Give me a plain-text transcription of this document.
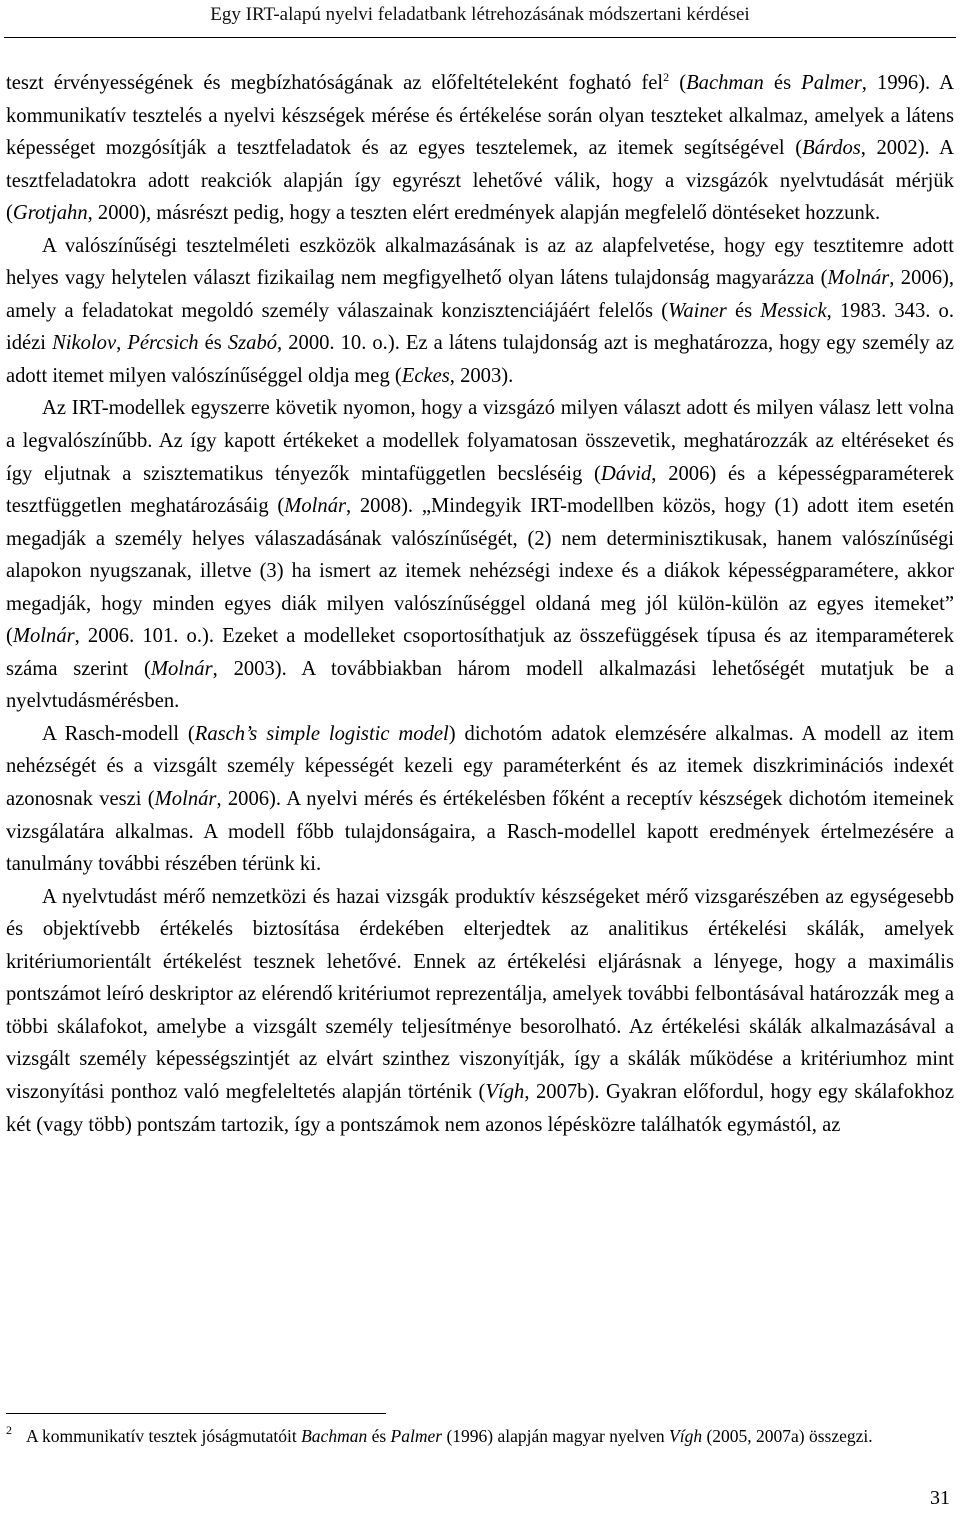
Egy IRT-alapú nyelvi feladatbank létrehozásának módszertani kérdései

teszt érvényességének és megbízhatóságának az előfeltételeként fogható fel$^2$ (Bachman és Palmer, 1996). A kommunikatív tesztelés a nyelvi készségek mérése és értékelése során olyan teszteket alkalmaz, amelyek a látens képességet mozgósítják a tesztfeladatok és az egyes tesztelemek, az itemek segítségével (Bárdos, 2002). A tesztfeladatokra adott reakciók alapján így egyrészt lehetővé válik, hogy a vizsgázók nyelvtudását mérjük (Grotjahn, 2000), másrészt pedig, hogy a teszten elért eredmények alapján megfelelő döntéseket hozzunk.

A valószínűségi tesztelméleti eszközök alkalmazásának is az az alapfelvetése, hogy egy tesztitemre adott helyes vagy helytelen választ fizikailag nem megfigyelhető olyan látens tulajdonság magyarázza (Molnár, 2006), amely a feladatokat megoldó személy válaszainak konzisztenciájáért felelős (Wainer és Messick, 1983. 343. o. idézi Nikolov, Pércsich és Szabó, 2000. 10. o.). Ez a látens tulajdonság azt is meghatározza, hogy egy személy az adott itemet milyen valószínűséggel oldja meg (Eckes, 2003).

Az IRT-modellek egyszerre követik nyomon, hogy a vizsgázó milyen választ adott és milyen válasz lett volna a legvalószínűbb. Az így kapott értékeket a modellek folyamatosan összevetik, meghatározzák az eltéréseket és így eljutnak a szisztematikus tényezők mintafüggetlen becsléséig (Dávid, 2006) és a képességparaméterek tesztfüggetlen meghatározásáig (Molnár, 2008). „Mindegyik IRT-modellben közös, hogy (1) adott item esetén megadják a személy helyes válaszadásának valószínűségét, (2) nem determinisztikusak, hanem valószínűségi alapokon nyugszanak, illetve (3) ha ismert az itemek nehézségi indexe és a diákok képességparamétere, akkor megadják, hogy minden egyes diák milyen valószínűséggel oldaná meg jól külön-külön az egyes itemeket” (Molnár, 2006. 101. o.). Ezeket a modelleket csoportosíthatjuk az összefüggések típusa és az itemparaméterek száma szerint (Molnár, 2003). A továbbiakban három modell alkalmazási lehetőségét mutatjuk be a nyelvtudásmérésben.

A Rasch-modell (Rasch’s simple logistic model) dichotóm adatok elemzésére alkalmas. A modell az item nehézségét és a vizsgált személy képességét kezeli egy paraméterként és az itemek diszkriminációs indexét azonosnak veszi (Molnár, 2006). A nyelvi mérés és értékelésben főként a receptív készségek dichotóm itemeinek vizsgálatára alkalmas. A modell főbb tulajdonságaira, a Rasch-modellel kapott eredmények értelmezésére a tanulmány további részében térünk ki.

A nyelvtudást mérő nemzetközi és hazai vizsgák produktív készségeket mérő vizsgarészében az egységesebb és objektívebb értékelés biztosítása érdekében elterjedtek az analitikus értékelési skálák, amelyek kritériumorientált értékelést tesznek lehetővé. Ennek az értékelési eljárásnak a lényege, hogy a maximális pontszámot leíró deskriptor az elérendő kritériumot reprezentálja, amelyek további felbontásával határozzák meg a többi skálafokot, amelybe a vizsgált személy teljesítménye besorolható. Az értékelési skálák alkalmazásával a vizsgált személy képességszintjét az elvárt szinthez viszonyítják, így a skálák működése a kritériumhoz mint viszonyítási ponthoz való megfeleltetés alapján történik (Vígh, 2007b). Gyakran előfordul, hogy egy skálafokhoz két (vagy több) pontszám tartozik, így a pontszámok nem azonos lépésközre találhatók egymástól, az

$^2$ A kommunikatív tesztek jóságmutatóit Bachman és Palmer (1996) alapján magyar nyelven Vígh (2005, 2007a) összegzi.
31
